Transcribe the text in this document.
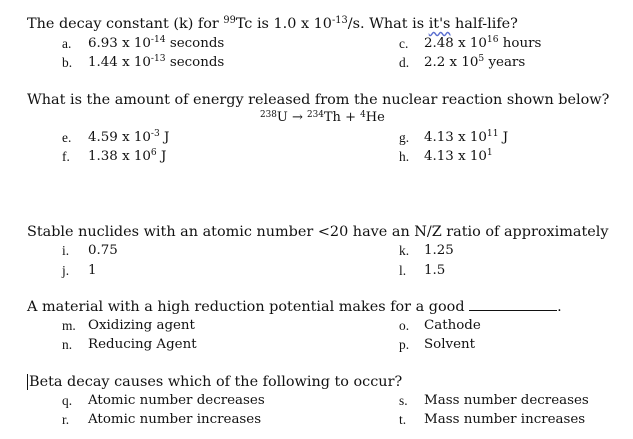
The decay constant (k) for $^{99}$Tc is 1.0 x $10^{-13}/s$. What is it's half-life?
a.	6.93 x $10^{-14}$ seconds
b.	1.44 x $10^{-13}$ seconds
c.	2.48 x $10^{16}$ hours
d.	2.2 x $10^5$ years
What is the amount of energy released from the nuclear reaction shown below?
$^{238}$U → $^{234}$Th + $^4$He
e.	4.59 x $10^{-3}$ J
f.	1.38 x $10^6$ J
g.	4.13 x $10^{11}$ J
h.	4.13 x $10^1$
Stable nuclides with an atomic number <20 have an N/Z ratio of approximately
i.	0.75
j.	1
k.	1.25
l.	1.5
A material with a high reduction potential makes for a good	.
m. Oxidizing agent
n.	Reducing Agent
o.	Cathode
p.	Solvent
Beta decay causes which of the following to occur?
q.	Atomic number decreases
r.	Atomic number increases
s.	Mass number decreases
t.	Mass number increases
